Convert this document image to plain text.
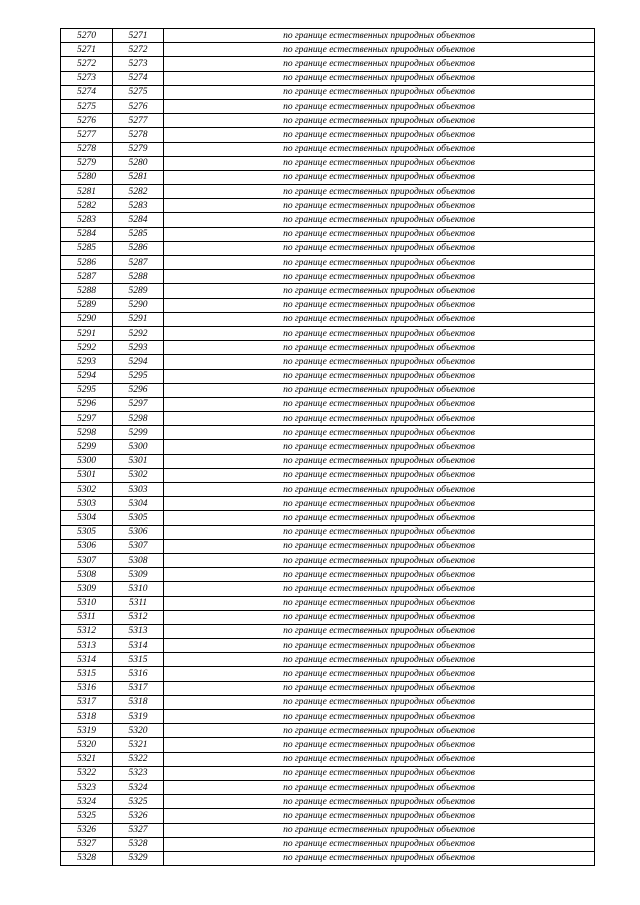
5270	5271	по границе естественных природных объектов
5271	5272	по границе естественных природных объектов
5272	5273	по границе естественных природных объектов
5273	5274	по границе естественных природных объектов
5274	5275	по границе естественных природных объектов
5275	5276	по границе естественных природных объектов
5276	5277	по границе естественных природных объектов
5277	5278	по границе естественных природных объектов
5278	5279	по границе естественных природных объектов
5279	5280	по границе естественных природных объектов
5280	5281	по границе естественных природных объектов
5281	5282	по границе естественных природных объектов
5282	5283	по границе естественных природных объектов
5283	5284	по границе естественных природных объектов
5284	5285	по границе естественных природных объектов
5285	5286	по границе естественных природных объектов
5286	5287	по границе естественных природных объектов
5287	5288	по границе естественных природных объектов
5288	5289	по границе естественных природных объектов
5289	5290	по границе естественных природных объектов
5290	5291	по границе естественных природных объектов
5291	5292	по границе естественных природных объектов
5292	5293	по границе естественных природных объектов
5293	5294	по границе естественных природных объектов
5294	5295	по границе естественных природных объектов
5295	5296	по границе естественных природных объектов
5296	5297	по границе естественных природных объектов
5297	5298	по границе естественных природных объектов
5298	5299	по границе естественных природных объектов
5299	5300	по границе естественных природных объектов
5300	5301	по границе естественных природных объектов
5301	5302	по границе естественных природных объектов
5302	5303	по границе естественных природных объектов
5303	5304	по границе естественных природных объектов
5304	5305	по границе естественных природных объектов
5305	5306	по границе естественных природных объектов
5306	5307	по границе естественных природных объектов
5307	5308	по границе естественных природных объектов
5308	5309	по границе естественных природных объектов
5309	5310	по границе естественных природных объектов
5310	5311	по границе естественных природных объектов
5311	5312	по границе естественных природных объектов
5312	5313	по границе естественных природных объектов
5313	5314	по границе естественных природных объектов
5314	5315	по границе естественных природных объектов
5315	5316	по границе естественных природных объектов
5316	5317	по границе естественных природных объектов
5317	5318	по границе естественных природных объектов
5318	5319	по границе естественных природных объектов
5319	5320	по границе естественных природных объектов
5320	5321	по границе естественных природных объектов
5321	5322	по границе естественных природных объектов
5322	5323	по границе естественных природных объектов
5323	5324	по границе естественных природных объектов
5324	5325	по границе естественных природных объектов
5325	5326	по границе естественных природных объектов
5326	5327	по границе естественных природных объектов
5327	5328	по границе естественных природных объектов
5328	5329	по границе естественных природных объектов
